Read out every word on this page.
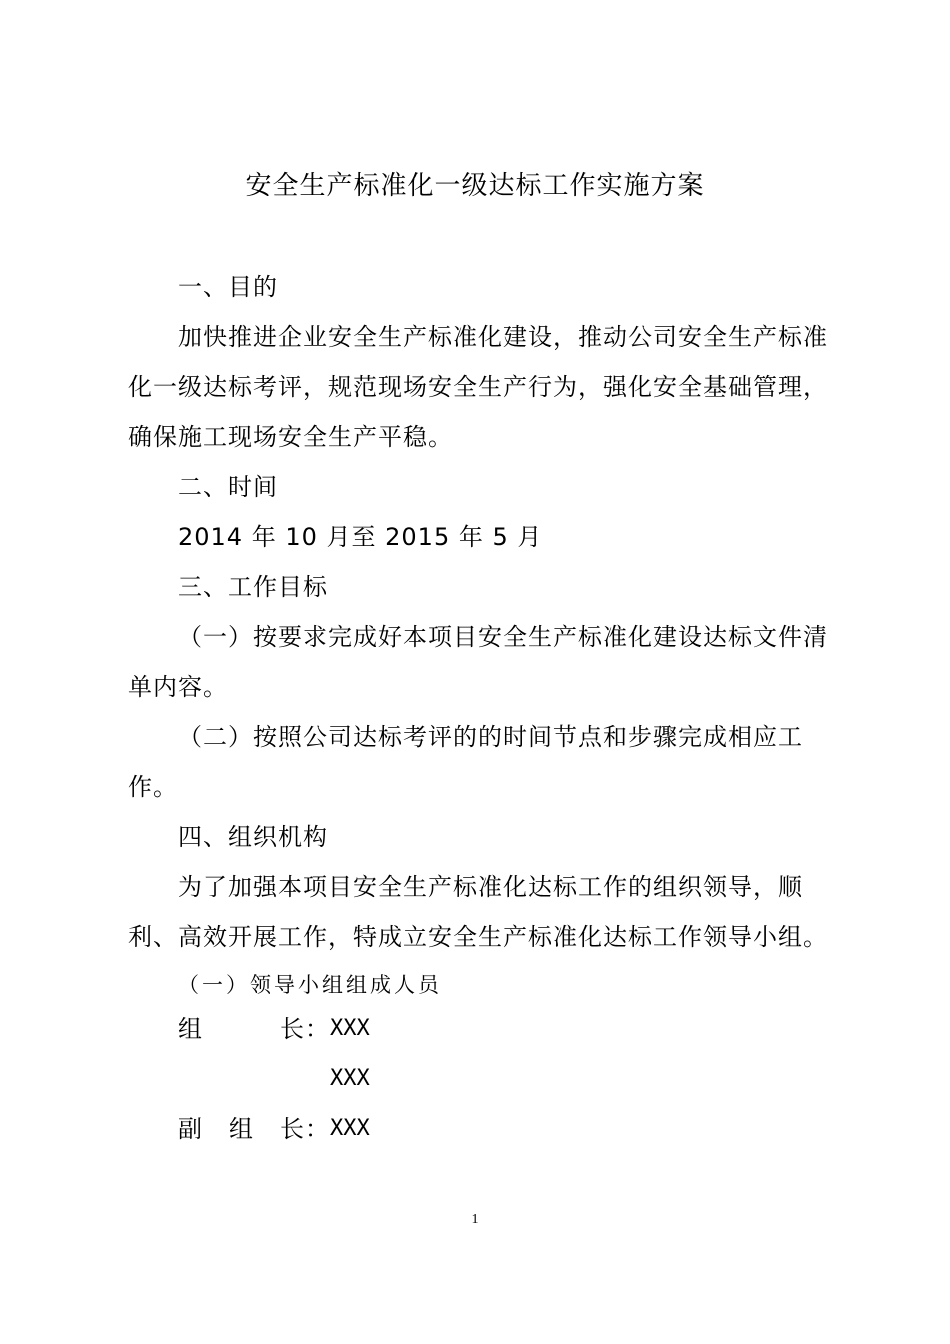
安全生产标准化一级达标工作实施方案
一、目的

加快推进企业安全生产标准化建设，推动公司安全生产标准化一级达标考评，规范现场安全生产行为，强化安全基础管理，确保施工现场安全生产平稳。

二、时间
2014 年 10 月至 2015 年 5 月
三、工作目标

（一）按要求完成好本项目安全生产标准化建设达标文件清单内容。

（二）按照公司达标考评的的时间节点和步骤完成相应工作。

四、组织机构

为了加强本项目安全生产标准化达标工作的组织领导，顺利、高效开展工作，特成立安全生产标准化达标工作领导小组。

（一）领导小组组成人员
组	长： XXX
XXX
副 组 长： XXX
1
